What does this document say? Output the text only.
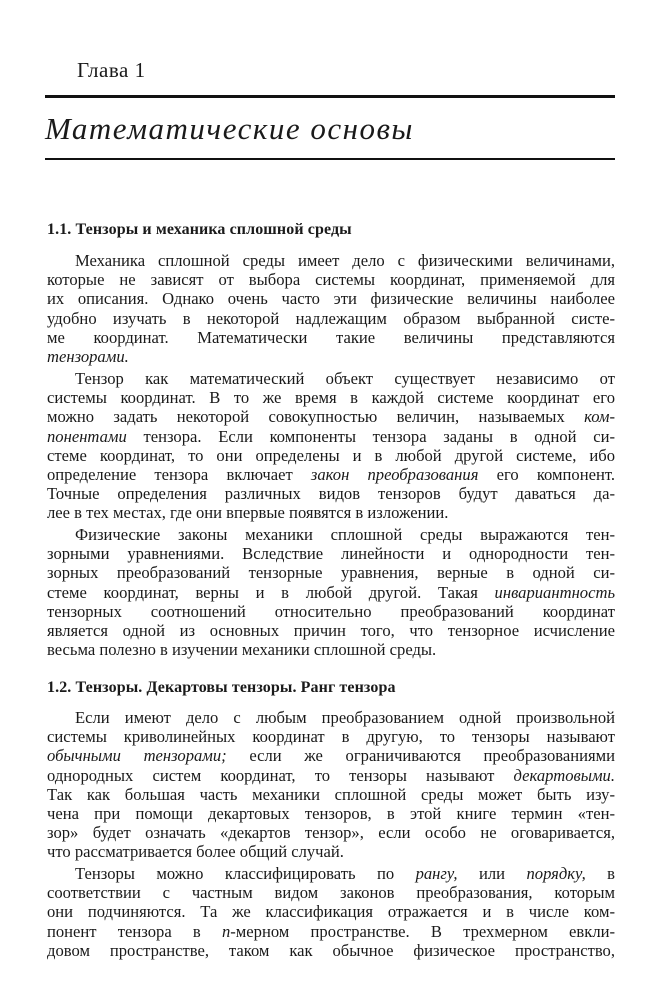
Глава 1
Математические основы
1.1. Тензоры и механика сплошной среды
Механика сплошной среды имеет дело с физическими величинами,
которые не зависят от выбора системы координат, применяемой для
их описания. Однако очень часто эти физические величины наиболее
удобно изучать в некоторой надлежащим образом выбранной систе-
ме координат. Математически такие величины представляются
тензорами.
Тензор как математический объект существует независимо от
системы координат. В то же время в каждой системе координат его
можно задать некоторой совокупностью величин, называемых ком-
понентами тензора. Если компоненты тензора заданы в одной си-
стеме координат, то они определены и в любой другой системе, ибо
определение тензора включает закон преобразования его компонент.
Точные определения различных видов тензоров будут даваться да-
лее в тех местах, где они впервые появятся в изложении.
Физические законы механики сплошной среды выражаются тен-
зорными уравнениями. Вследствие линейности и однородности тен-
зорных преобразований тензорные уравнения, верные в одной си-
стеме координат, верны и в любой другой. Такая инвариантность
тензорных соотношений относительно преобразований координат
является одной из основных причин того, что тензорное исчисление
весьма полезно в изучении механики сплошной среды.
1.2. Тензоры. Декартовы тензоры. Ранг тензора
Если имеют дело с любым преобразованием одной произвольной
системы криволинейных координат в другую, то тензоры называют
обычными тензорами; если же ограничиваются преобразованиями
однородных систем координат, то тензоры называют декартовыми.
Так как большая часть механики сплошной среды может быть изу-
чена при помощи декартовых тензоров, в этой книге термин «тен-
зор» будет означать «декартов тензор», если особо не оговаривается,
что рассматривается более общий случай.
Тензоры можно классифицировать по рангу, или порядку, в
соответствии с частным видом законов преобразования, которым
они подчиняются. Та же классификация отражается и в числе ком-
понент тензора в n-мерном пространстве. В трехмерном евкли-
довом пространстве, таком как обычное физическое пространство,
